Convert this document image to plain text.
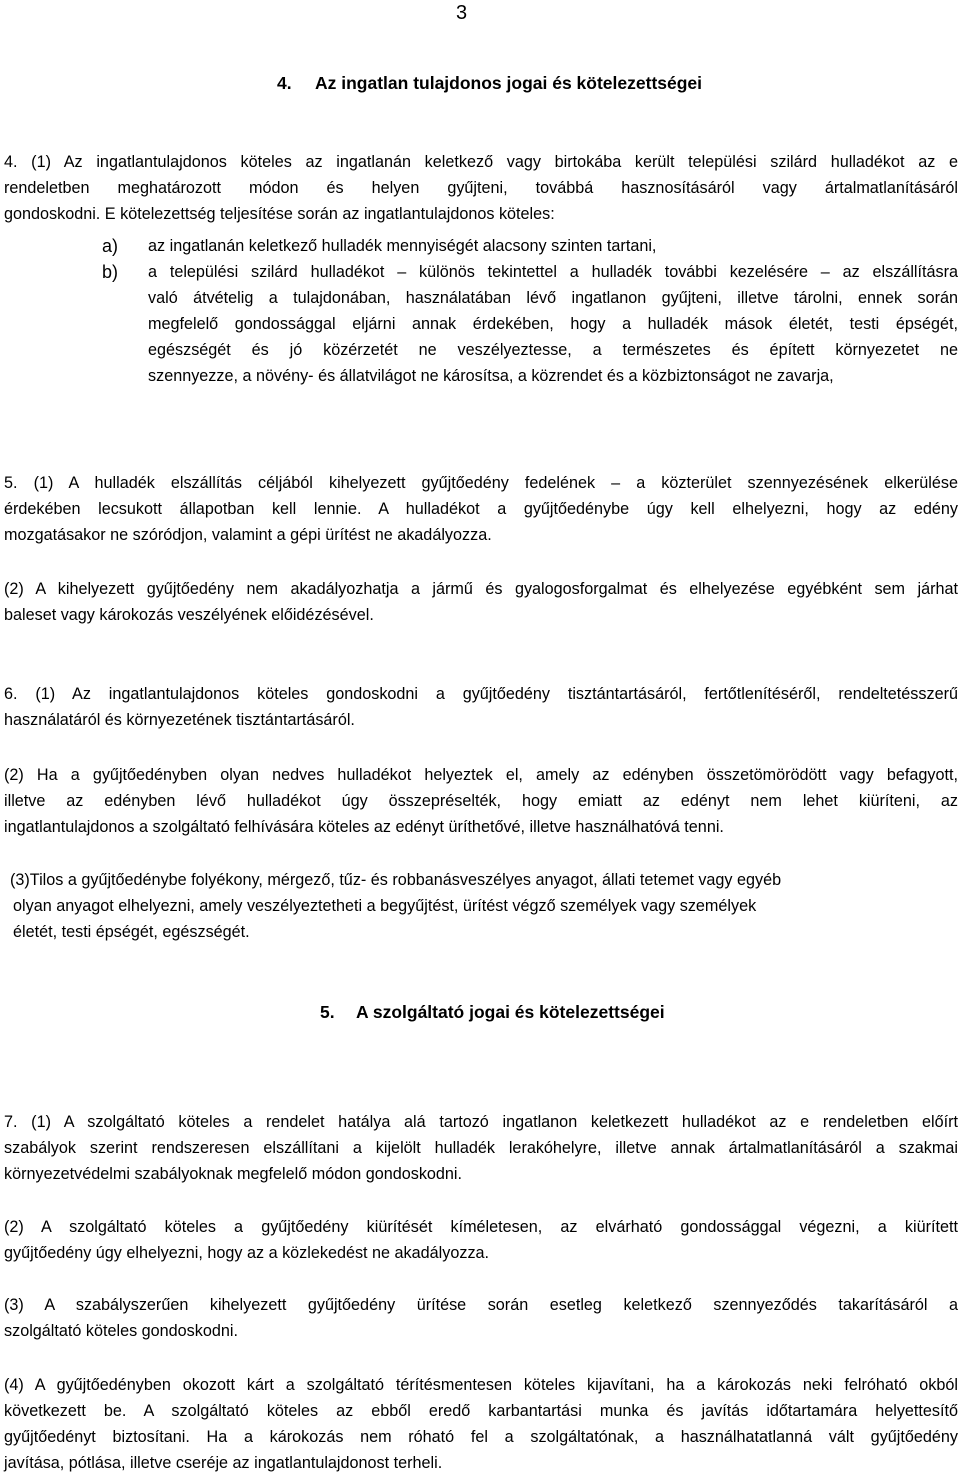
3
4. Az ingatlan tulajdonos jogai és kötelezettségei
4. (1) Az ingatlantulajdonos köteles az ingatlanán keletkező vagy birtokába került települési szilárd hulladékot az e
rendeletben meghatározott módon és helyen gyűjteni, továbbá hasznosításáról vagy ártalmatlanításáról
gondoskodni. E kötelezettség teljesítése során az ingatlantulajdonos köteles:
a) az ingatlanán keletkező hulladék mennyiségét alacsony szinten tartani,
b) a települési szilárd hulladékot – különös tekintettel a hulladék további kezelésére – az elszállításra
való átvételig a tulajdonában, használatában lévő ingatlanon gyűjteni, illetve tárolni, ennek során
megfelelő gondossággal eljárni annak érdekében, hogy a hulladék mások életét, testi épségét,
egészségét és jó közérzetét ne veszélyeztesse, a természetes és épített környezetet ne
szennyezze, a növény- és állatvilágot ne károsítsa, a közrendet és a közbiztonságot ne zavarja,
5. (1) A hulladék elszállítás céljából kihelyezett gyűjtőedény fedelének – a közterület szennyezésének elkerülése
érdekében lecsukott állapotban kell lennie. A hulladékot a gyűjtőedénybe úgy kell elhelyezni, hogy az edény
mozgatásakor ne szóródjon, valamint a gépi ürítést ne akadályozza.
(2) A kihelyezett gyűjtőedény nem akadályozhatja a jármű és gyalogosforgalmat és elhelyezése egyébként sem járhat
baleset vagy károkozás veszélyének előidézésével.
6. (1) Az ingatlantulajdonos köteles gondoskodni a gyűjtőedény tisztántartásáról, fertőtlenítéséről, rendeltetésszerű
használatáról és környezetének tisztántartásáról.
(2) Ha a gyűjtőedényben olyan nedves hulladékot helyeztek el, amely az edényben összetömörödött vagy befagyott,
illetve az edényben lévő hulladékot úgy összepréselték, hogy emiatt az edényt nem lehet kiüríteni, az
ingatlantulajdonos a szolgáltató felhívására köteles az edényt üríthetővé, illetve használhatóvá tenni.
(3)Tilos a gyűjtőedénybe folyékony, mérgező, tűz- és robbanásveszélyes anyagot, állati tetemet vagy egyéb
olyan anyagot elhelyezni, amely veszélyeztetheti a begyűjtést, ürítést végző személyek vagy személyek
életét, testi épségét, egészségét.
5. A szolgáltató jogai és kötelezettségei
7. (1) A szolgáltató köteles a rendelet hatálya alá tartozó ingatlanon keletkezett hulladékot az e rendeletben előírt
szabályok szerint rendszeresen elszállítani a kijelölt hulladék lerakóhelyre, illetve annak ártalmatlanításáról a szakmai
környezetvédelmi szabályoknak megfelelő módon gondoskodni.
(2) A szolgáltató köteles a gyűjtőedény kiürítését kíméletesen, az elvárható gondossággal végezni, a kiürített
gyűjtőedény úgy elhelyezni, hogy az a közlekedést ne akadályozza.
(3) A szabályszerűen kihelyezett gyűjtőedény ürítése során esetleg keletkező szennyeződés takarításáról a
szolgáltató köteles gondoskodni.
(4) A gyűjtőedényben okozott kárt a szolgáltató térítésmentesen köteles kijavítani, ha a károkozás neki felróható okból
következett be. A szolgáltató köteles az ebből eredő karbantartási munka és javítás időtartamára helyettesítő
gyűjtőedényt biztosítani. Ha a károkozás nem róható fel a szolgáltatónak, a használhatatlanná vált gyűjtőedény
javítása, pótlása, illetve cseréje az ingatlantulajdonost terheli.
